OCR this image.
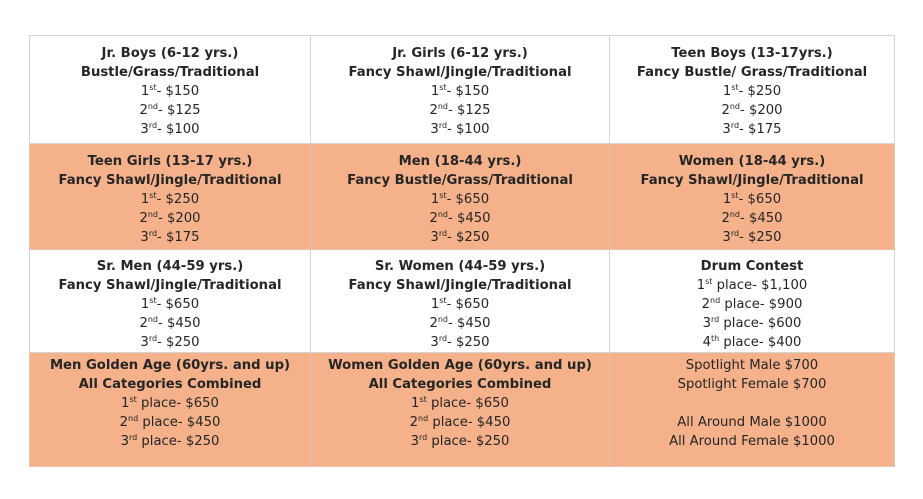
Jr. Boys (6-12 yrs.)
Bustle/Grass/Traditional
1st- $150
2nd- $125
3rd- $100	Jr. Girls (6-12 yrs.)
Fancy Shawl/Jingle/Traditional
1st- $150
2nd- $125
3rd- $100	Teen Boys (13-17yrs.)
Fancy Bustle/ Grass/Traditional
1st- $250
2nd- $200
3rd- $175

Teen Girls (13-17 yrs.)
Fancy Shawl/Jingle/Traditional
1st- $250
2nd- $200
3rd- $175	Men (18-44 yrs.)
Fancy Bustle/Grass/Traditional
1st- $650
2nd- $450
3rd- $250	Women (18-44 yrs.)
Fancy Shawl/Jingle/Traditional
1st- $650
2nd- $450
3rd- $250

Sr. Men (44-59 yrs.)
Fancy Shawl/Jingle/Traditional
1st- $650
2nd- $450
3rd- $250	Sr. Women (44-59 yrs.)
Fancy Shawl/Jingle/Traditional
1st- $650
2nd- $450
3rd- $250	Drum Contest
1st place- $1,100
2nd place- $900
3rd place- $600
4th place- $400

Men Golden Age (60yrs. and up)
All Categories Combined
1st place- $650
2nd place- $450
3rd place- $250	Women Golden Age (60yrs. and up)
All Categories Combined
1st place- $650
2nd place- $450
3rd place- $250	Spotlight Male $700
Spotlight Female $700
All Around Male $1000
All Around Female $1000
